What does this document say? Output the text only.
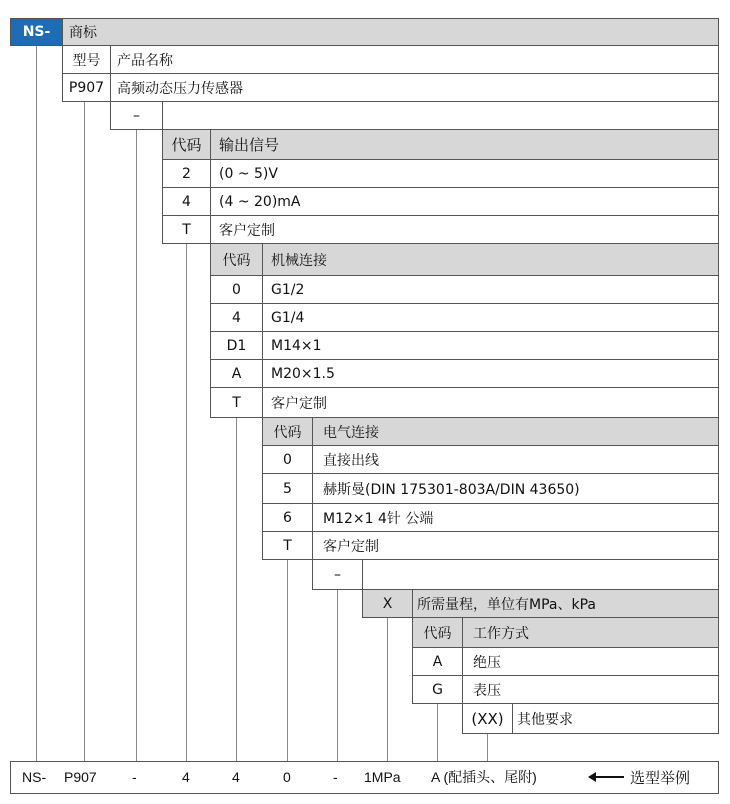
NS-	商标
型号	产品名称
P907 高频动态压力传感器
–
代码	输出信号
2	(0 ~ 5)V
4	(4 ~ 20)mA
T	客户定制
代码	机械连接
0	G1/2
4	G1/4
D1	M14×1
A	M20×1.5
T	客户定制
代码	电气连接
0	直接出线
5	赫斯曼(DIN 175301-803A/DIN 43650)
6	M12×1 4针 公端
T	客户定制
–
X	所需量程，单位有MPa、kPa
代码	工作方式
A	绝压
G	表压
(XX) 其他要求
NS- P907	-	4	4	0	- 1MPa A (配插头、尾附)	选型举例
